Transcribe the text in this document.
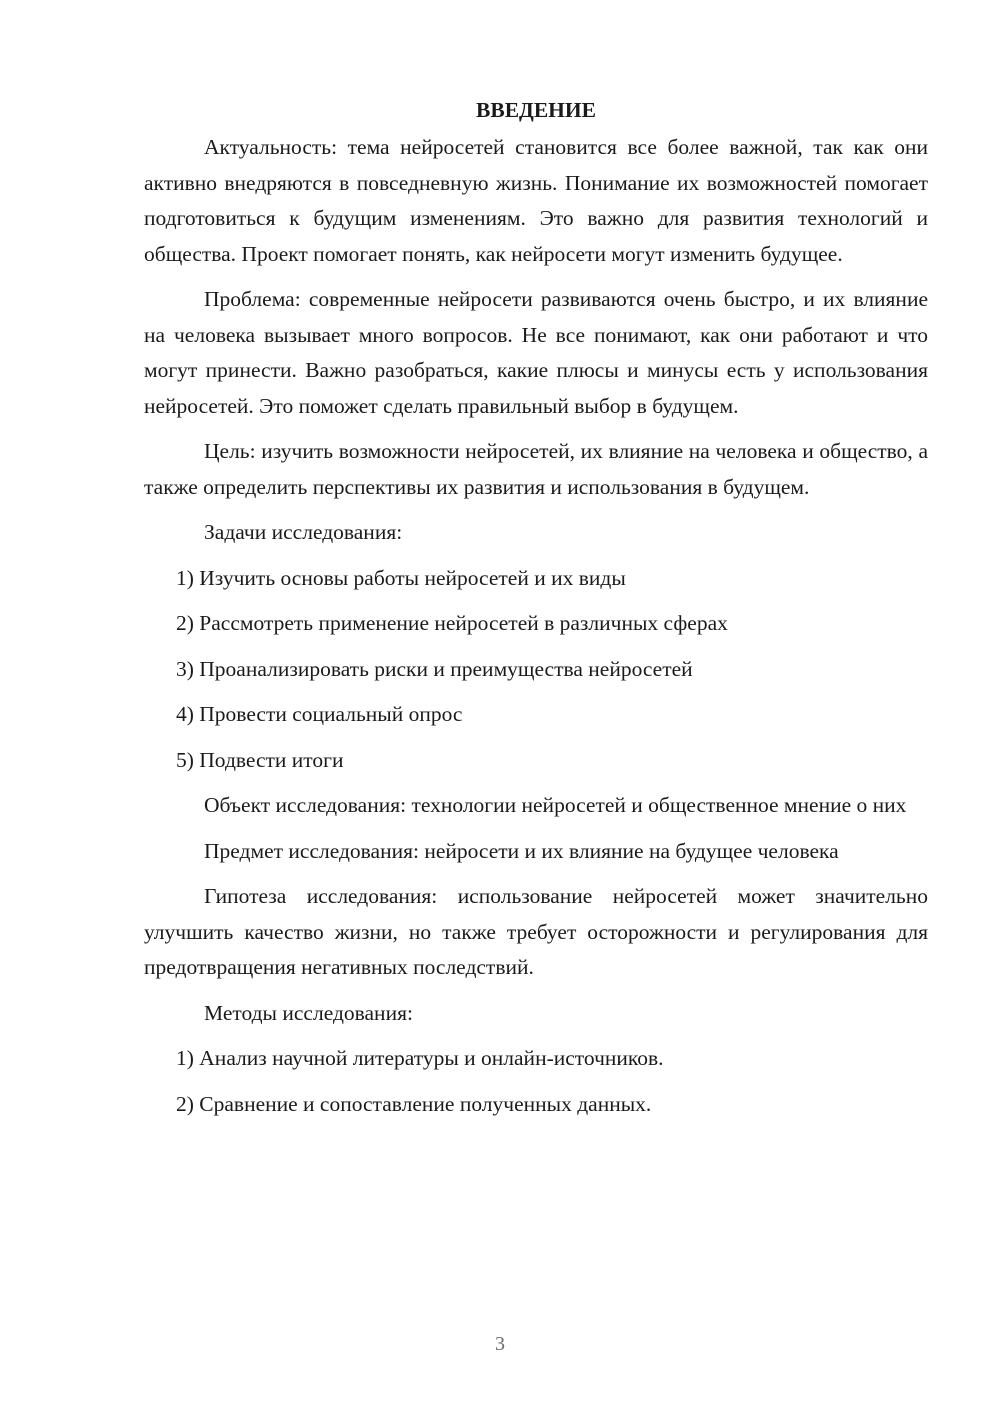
ВВЕДЕНИЕ
Актуальность: тема нейросетей становится все более важной, так как они активно внедряются в повседневную жизнь. Понимание их возможностей помогает подготовиться к будущим изменениям. Это важно для развития технологий и общества. Проект помогает понять, как нейросети могут изменить будущее.
Проблема: современные нейросети развиваются очень быстро, и их влияние на человека вызывает много вопросов. Не все понимают, как они работают и что могут принести. Важно разобраться, какие плюсы и минусы есть у использования нейросетей. Это поможет сделать правильный выбор в будущем.
Цель: изучить возможности нейросетей, их влияние на человека и общество, а также определить перспективы их развития и использования в будущем.
Задачи исследования:
1) Изучить основы работы нейросетей и их виды
2) Рассмотреть применение нейросетей в различных сферах
3) Проанализировать риски и преимущества нейросетей
4) Провести социальный опрос
5) Подвести итоги
Объект исследования: технологии нейросетей и общественное мнение о них
Предмет исследования: нейросети и их влияние на будущее человека
Гипотеза исследования: использование нейросетей может значительно улучшить качество жизни, но также требует осторожности и регулирования для предотвращения негативных последствий.
Методы исследования:
1) Анализ научной литературы и онлайн-источников.
2) Сравнение и сопоставление полученных данных.
3
